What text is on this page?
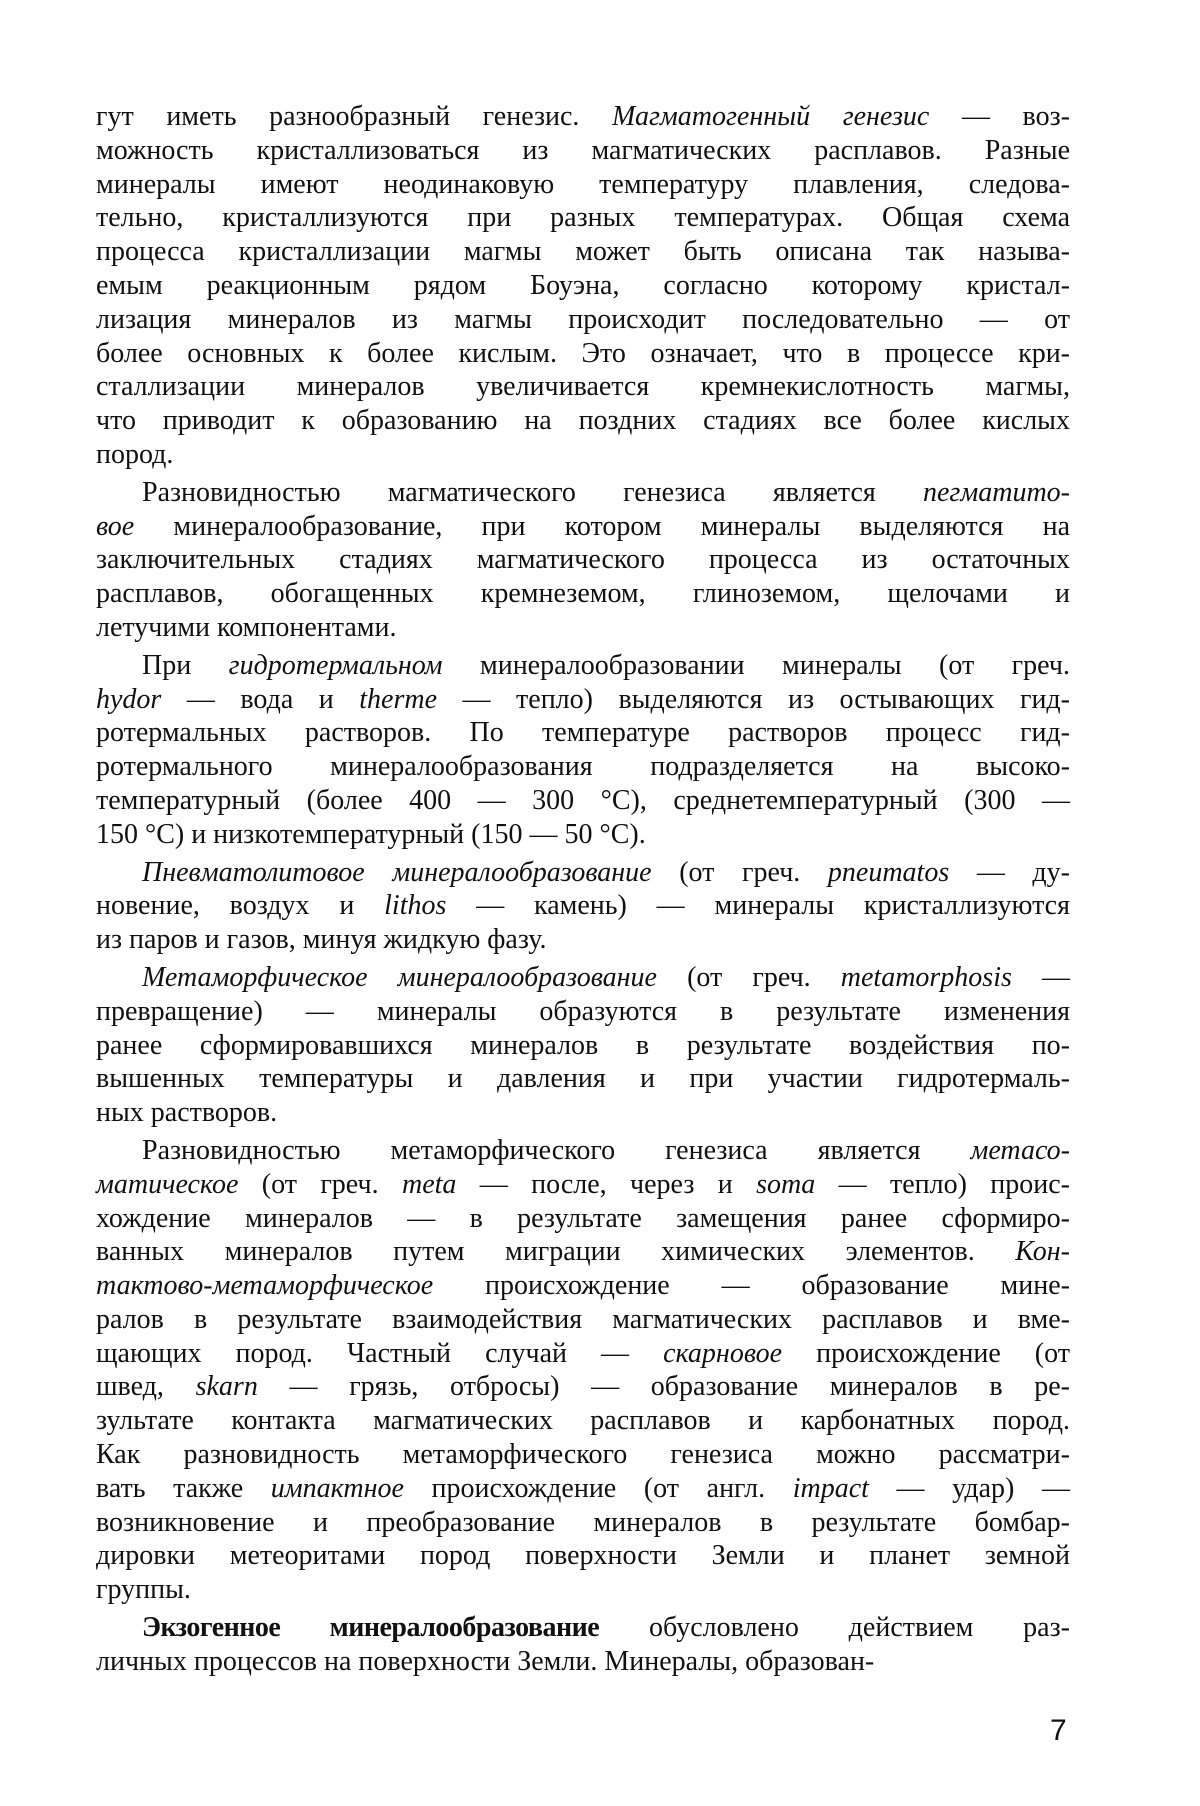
гут иметь разнообразный генезис. Магматогенный генезис — воз-
можность кристаллизоваться из магматических расплавов. Разные
минералы имеют неодинаковую температуру плавления, следова-
тельно, кристаллизуются при разных температурах. Общая схема
процесса кристаллизации магмы может быть описана так называ-
емым реакционным рядом Боуэна, согласно которому кристал-
лизация минералов из магмы происходит последовательно — от
более основных к более кислым. Это означает, что в процессе кри-
сталлизации минералов увеличивается кремнекислотность магмы,
что приводит к образованию на поздних стадиях все более кислых
пород.
Разновидностью магматического генезиса является пегматито-
вое минералообразование, при котором минералы выделяются на
заключительных стадиях магматического процесса из остаточных
расплавов, обогащенных кремнеземом, глиноземом, щелочами и
летучими компонентами.
При гидротермальном минералообразовании минералы (от греч.
hydor — вода и therme — тепло) выделяются из остывающих гид-
ротермальных растворов. По температуре растворов процесс гид-
ротермального минералообразования подразделяется на высоко-
температурный (более 400 — 300 °С), среднетемпературный (300 —
150 °С) и низкотемпературный (150 — 50 °С).
Пневматолитовое минералообразование (от греч. pneumatos — ду-
новение, воздух и lithos — камень) — минералы кристаллизуются
из паров и газов, минуя жидкую фазу.
Метаморфическое минералообразование (от греч. metamorphosis —
превращение) — минералы образуются в результате изменения
ранее сформировавшихся минералов в результате воздействия по-
вышенных температуры и давления и при участии гидротермаль-
ных растворов.
Разновидностью метаморфического генезиса является метасо-
матическое (от греч. meta — после, через и soma — тепло) проис-
хождение минералов — в результате замещения ранее сформиро-
ванных минералов путем миграции химических элементов. Кон-
тактово-метаморфическое происхождение — образование мине-
ралов в результате взаимодействия магматических расплавов и вме-
щающих пород. Частный случай — скарновое происхождение (от
швед, skarn — грязь, отбросы) — образование минералов в ре-
зультате контакта магматических расплавов и карбонатных пород.
Как разновидность метаморфического генезиса можно рассматри-
вать также импактное происхождение (от англ. impact — удар) —
возникновение и преобразование минералов в результате бомбар-
дировки метеоритами пород поверхности Земли и планет земной
группы.
Экзогенное минералообразование обусловлено действием раз-
личных процессов на поверхности Земли. Минералы, образован-
7
